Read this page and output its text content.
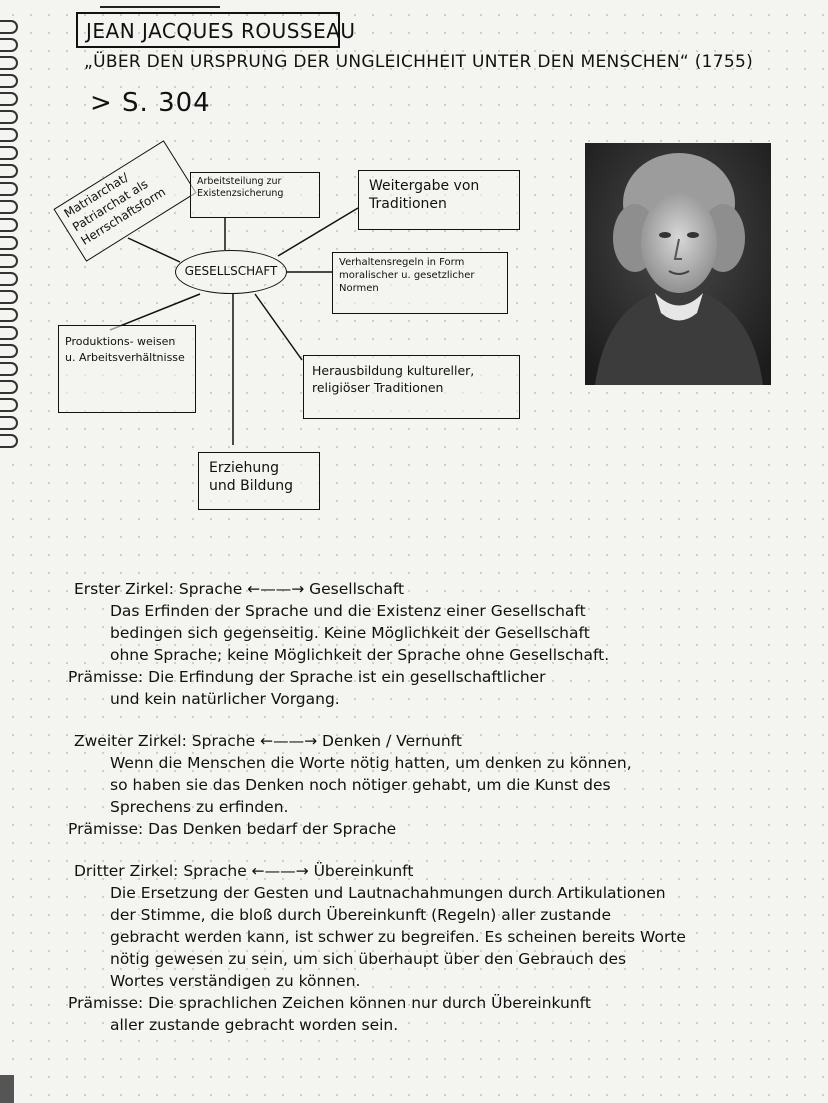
JEAN JACQUES ROUSSEAU
„ÜBER DEN URSPRUNG DER UNGLEICHHEIT UNTER DEN MENSCHEN“ (1755)
> S. 304
Matriarchat/ Patriarchat als Herrschaftsform
Arbeitsteilung zur Existenzsicherung	Weitergabe von Traditionen
Verhaltensregeln in Form moralischer u. gesetzlicher Normen
GESELLSCHAFT
Produktions- weisen u. Arbeitsverhältnisse
Herausbildung kultureller, religiöser Traditionen
Erziehung und Bildung

Erster Zirkel: Sprache ←——→ Gesellschaft

Das Erfinden der Sprache und die Existenz einer Gesellschaft

bedingen sich gegenseitig. Keine Möglichkeit der Gesellschaft

ohne Sprache; keine Möglichkeit der Sprache ohne Gesellschaft.

Prämisse: Die Erfindung der Sprache ist ein gesellschaftlicher

und kein natürlicher Vorgang.

Zweiter Zirkel: Sprache ←——→ Denken / Vernunft

Wenn die Menschen die Worte nötig hatten, um denken zu können,

so haben sie das Denken noch nötiger gehabt, um die Kunst des

Sprechens zu erfinden.

Prämisse: Das Denken bedarf der Sprache

Dritter Zirkel: Sprache ←——→ Übereinkunft

Die Ersetzung der Gesten und Lautnachahmungen durch Artikulationen

der Stimme, die bloß durch Übereinkunft (Regeln) aller zustande

gebracht werden kann, ist schwer zu begreifen. Es scheinen bereits Worte

nötig gewesen zu sein, um sich überhaupt über den Gebrauch des

Wortes verständigen zu können.

Prämisse: Die sprachlichen Zeichen können nur durch Übereinkunft

aller zustande gebracht worden sein.
